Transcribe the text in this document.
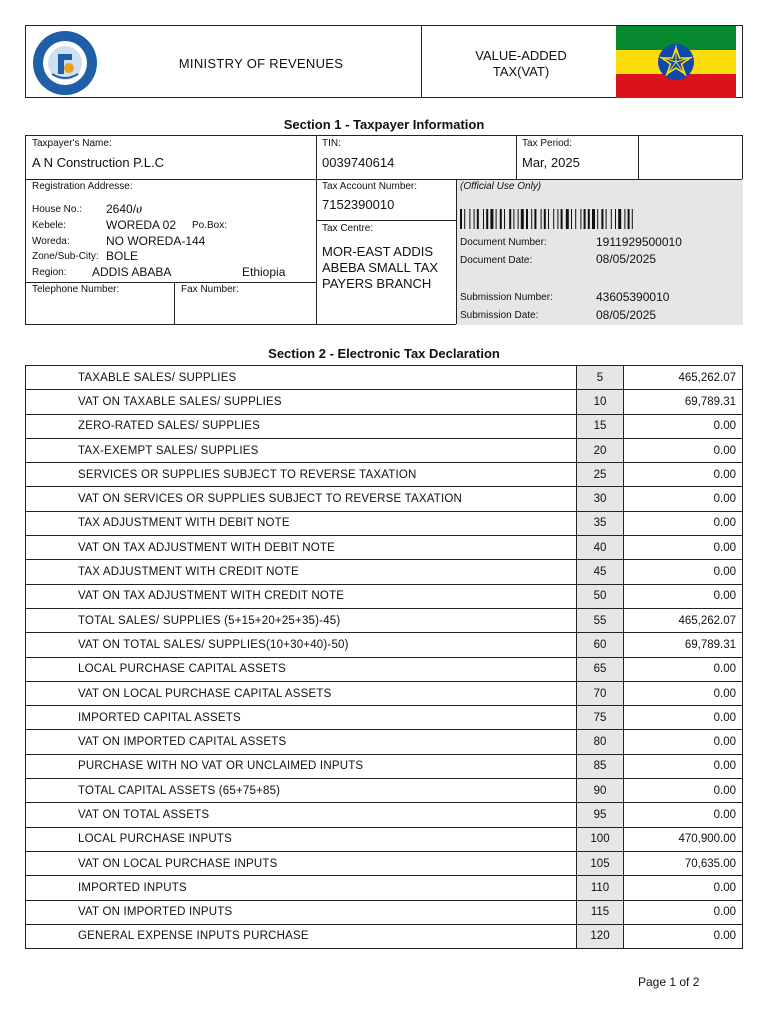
MINISTRY OF REVENUES
VALUE-ADDED
TAX(VAT)
Section 1 - Taxpayer Information
Taxpayer's Name:
A N Construction P.L.C
TIN:
0039740614
Tax Period:
Mar, 2025
Registration Addresse:
House No.: 2640/ሀ
Kebele:	WOREDA 02 Po.Box:
Woreda:	NO WOREDA-144
Zone/Sub-City: BOLE
Region: ADDIS ABABA	Ethiopia
Telephone Number:	Fax Number:
Tax Account Number:
7152390010
Tax Centre:
MOR-EAST ADDIS
ABEBA SMALL TAX
PAYERS BRANCH
(Official Use Only)
Document Number:	1911929500010
Document Date:	08/05/2025
Submission Number:	43605390010
Submission Date:	08/05/2025
Section 2 - Electronic Tax Declaration
TAXABLE SALES/ SUPPLIES	5	465,262.07
VAT ON TAXABLE SALES/ SUPPLIES	10	69,789.31
ZERO-RATED SALES/ SUPPLIES	15	0.00
TAX-EXEMPT SALES/ SUPPLIES	20	0.00
SERVICES OR SUPPLIES SUBJECT TO REVERSE TAXATION	25	0.00
VAT ON SERVICES OR SUPPLIES SUBJECT TO REVERSE TAXATION	30	0.00
TAX ADJUSTMENT WITH DEBIT NOTE	35	0.00
VAT ON TAX ADJUSTMENT WITH DEBIT NOTE	40	0.00
TAX ADJUSTMENT WITH CREDIT NOTE	45	0.00
VAT ON TAX ADJUSTMENT WITH CREDIT NOTE	50	0.00
TOTAL SALES/ SUPPLIES (5+15+20+25+35)-45)	55	465,262.07
VAT ON TOTAL SALES/ SUPPLIES(10+30+40)-50)	60	69,789.31
LOCAL PURCHASE CAPITAL ASSETS	65	0.00
VAT ON LOCAL PURCHASE CAPITAL ASSETS	70	0.00
IMPORTED CAPITAL ASSETS	75	0.00
VAT ON IMPORTED CAPITAL ASSETS	80	0.00
PURCHASE WITH NO VAT OR UNCLAIMED INPUTS	85	0.00
TOTAL CAPITAL ASSETS (65+75+85)	90	0.00
VAT ON TOTAL ASSETS	95	0.00
LOCAL PURCHASE INPUTS	100	470,900.00
VAT ON LOCAL PURCHASE INPUTS	105	70,635.00
IMPORTED INPUTS	110	0.00
VAT ON IMPORTED INPUTS	115	0.00
GENERAL EXPENSE INPUTS PURCHASE	120	0.00
Page 1 of 2
